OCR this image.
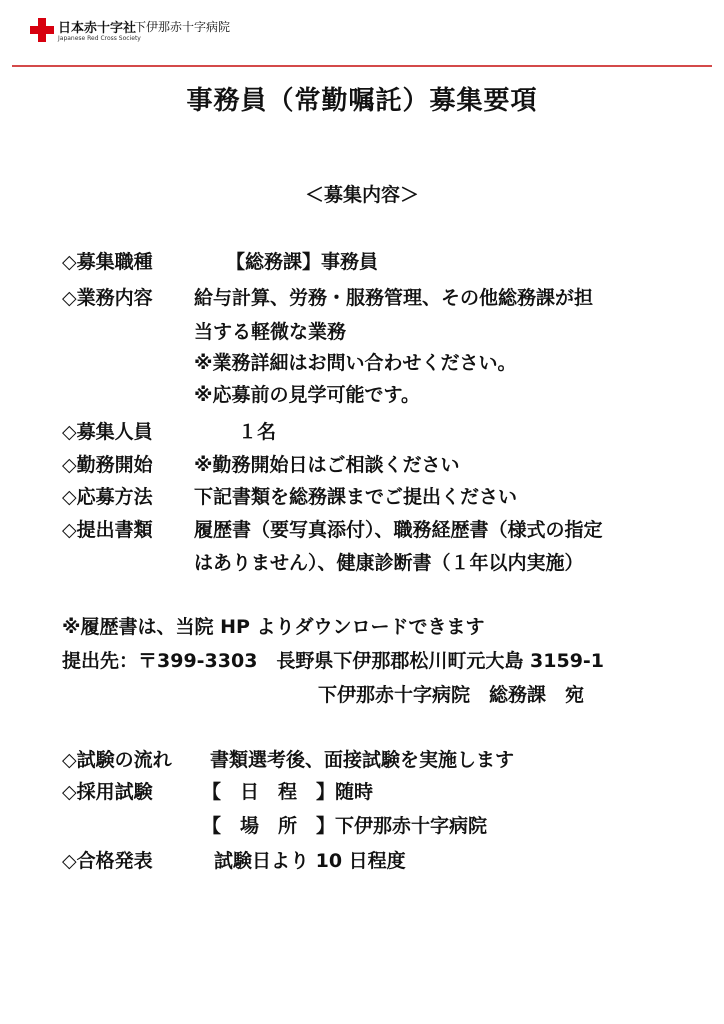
日本赤十字社
Japanese Red Cross Society
下伊那赤十字病院
事務員（常勤嘱託）募集要項
＜募集内容＞
◇募集職種	【総務課】事務員
◇業務内容 給与計算、労務・服務管理、その他総務課が担
当する軽微な業務
※業務詳細はお問い合わせください。
※応募前の見学可能です。
◇募集人員	１名
◇勤務開始 ※勤務開始日はご相談ください
◇応募方法 下記書類を総務課までご提出ください
◇提出書類 履歴書（要写真添付）、職務経歴書（様式の指定
はありません）、健康診断書（１年以内実施）
※履歴書は、当院 HP よりダウンロードできます
提出先：〒399-3303　長野県下伊那郡松川町元大島 3159-1
下伊那赤十字病院　総務課　宛
◇試験の流れ 書類選考後、面接試験を実施します
◇採用試験	【　日　程　】随時
【　場　所　】下伊那赤十字病院
◇合格発表	試験日より 10 日程度
